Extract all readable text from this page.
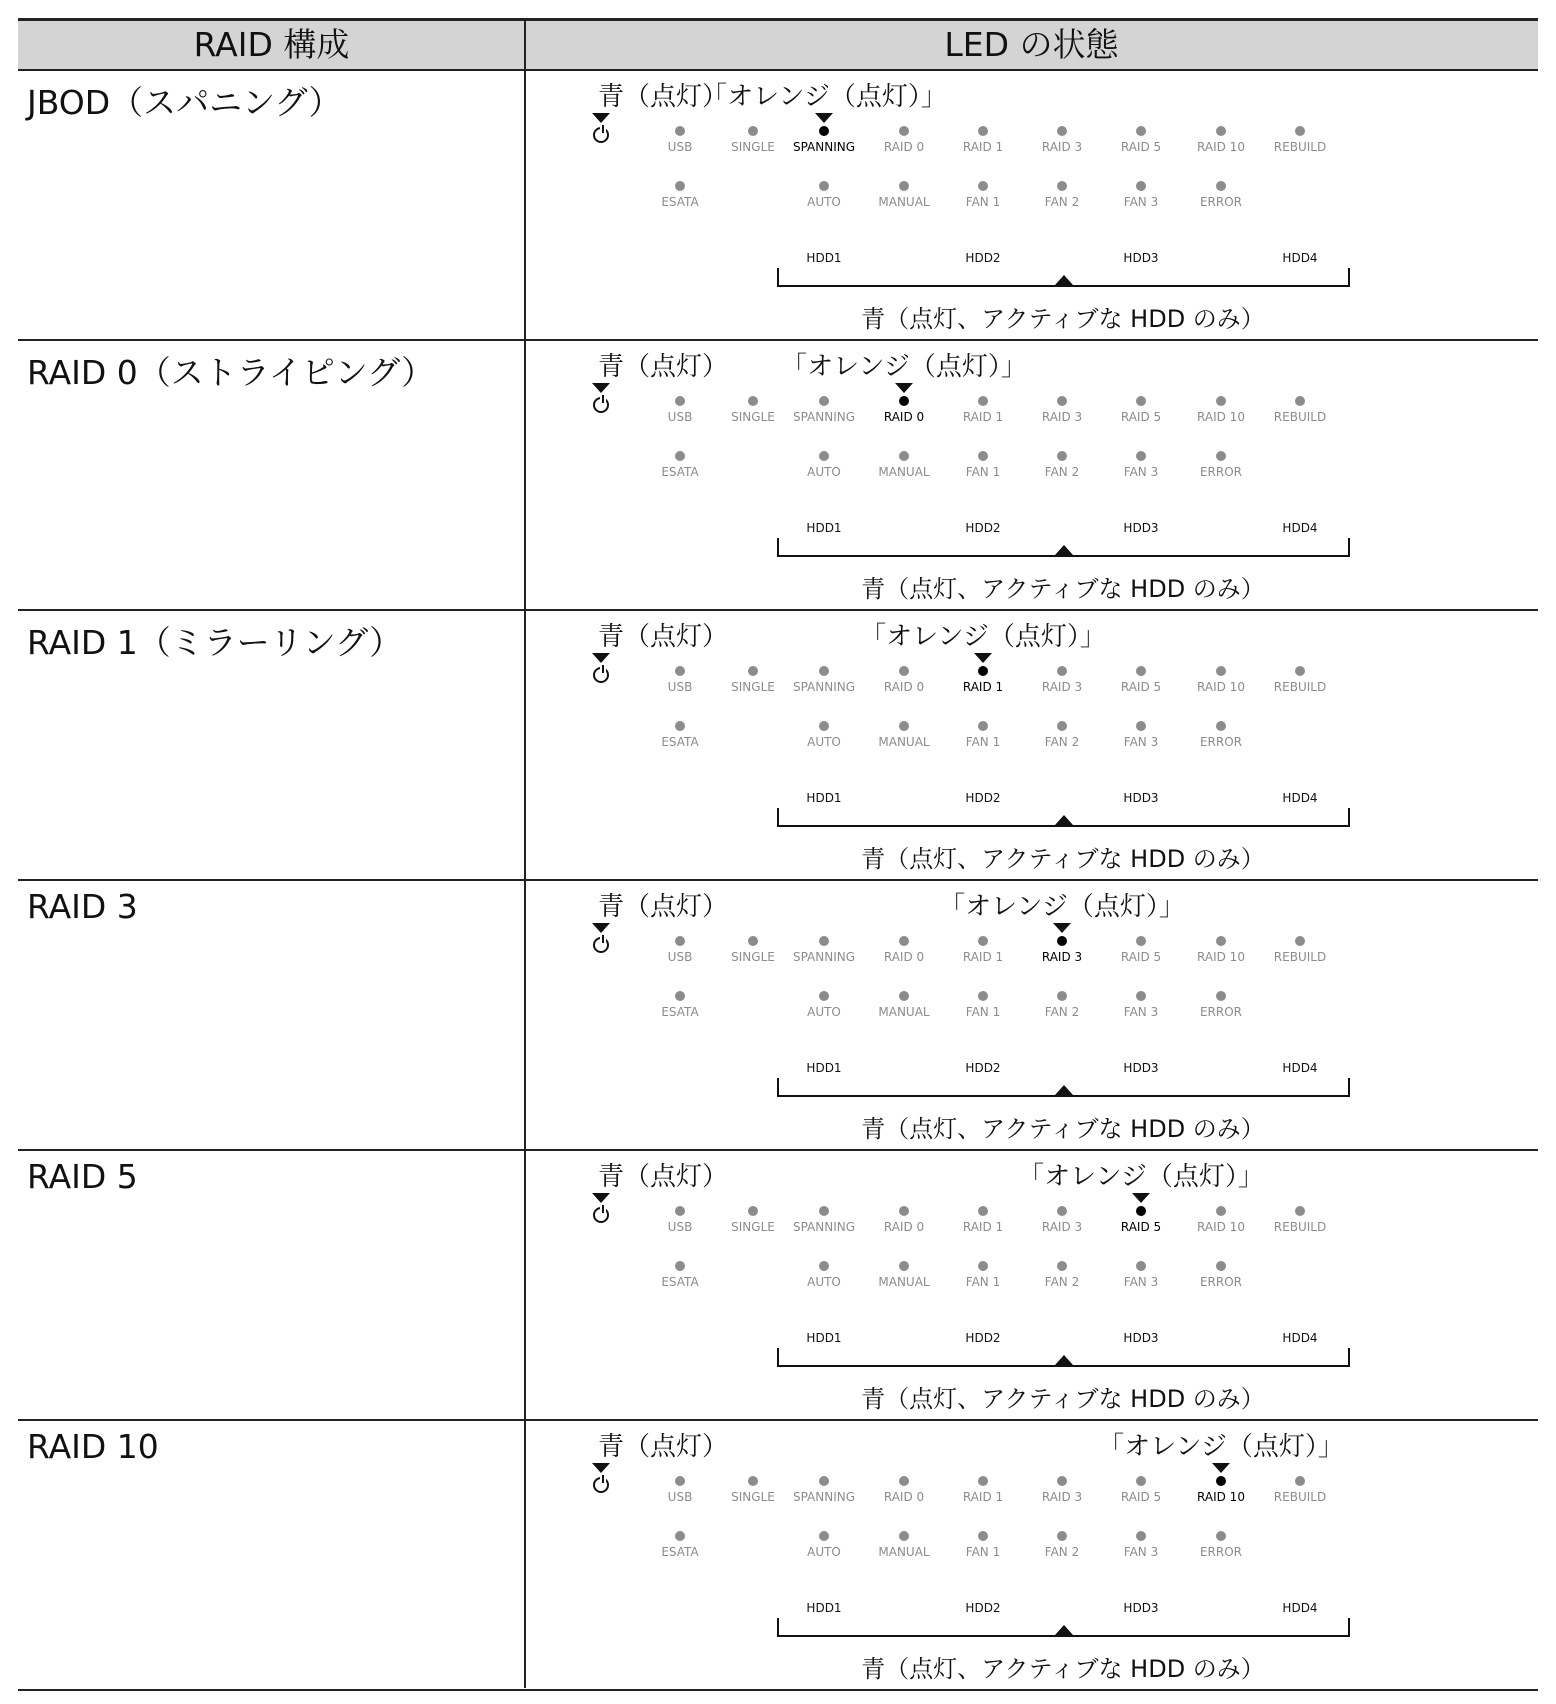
RAID 構成	LED の状態
JBOD（スパニング）	青（点灯）
「オレンジ（点灯）」
USB	SINGLE	SPANNING	RAID 0	RAID 1	RAID 3	RAID 5	RAID 10	REBUILD
ESATA	AUTO	MANUAL	FAN 1	FAN 2	FAN 3	ERROR
HDD1	HDD2	HDD3	HDD4
青（点灯、アクティブな HDD のみ）
RAID 0（ストライピング）	青（点灯） 「オレンジ（点灯）」
USB	SINGLE	SPANNING	RAID 0	RAID 1	RAID 3	RAID 5	RAID 10	REBUILD
ESATA	AUTO	MANUAL	FAN 1	FAN 2	FAN 3	ERROR
HDD1	HDD2	HDD3	HDD4
青（点灯、アクティブな HDD のみ）
RAID 1（ミラーリング）	青（点灯）	「オレンジ（点灯）」
USB	SINGLE	SPANNING	RAID 0	RAID 1	RAID 3	RAID 5	RAID 10	REBUILD
ESATA	AUTO	MANUAL	FAN 1	FAN 2	FAN 3	ERROR
HDD1	HDD2	HDD3	HDD4
青（点灯、アクティブな HDD のみ）
RAID 3	青（点灯）	「オレンジ（点灯）」
USB	SINGLE	SPANNING	RAID 0	RAID 1	RAID 3	RAID 5	RAID 10	REBUILD
ESATA	AUTO	MANUAL	FAN 1	FAN 2	FAN 3	ERROR
HDD1	HDD2	HDD3	HDD4
青（点灯、アクティブな HDD のみ）
RAID 5	青（点灯）	「オレンジ（点灯）」
USB	SINGLE	SPANNING	RAID 0	RAID 1	RAID 3	RAID 5	RAID 10	REBUILD
ESATA	AUTO	MANUAL	FAN 1	FAN 2	FAN 3	ERROR
HDD1	HDD2	HDD3	HDD4
青（点灯、アクティブな HDD のみ）
RAID 10	青（点灯）	「オレンジ（点灯）」
USB	SINGLE	SPANNING	RAID 0	RAID 1	RAID 3	RAID 5	RAID 10	REBUILD
ESATA	AUTO	MANUAL	FAN 1	FAN 2	FAN 3	ERROR
HDD1	HDD2	HDD3	HDD4
青（点灯、アクティブな HDD のみ）
